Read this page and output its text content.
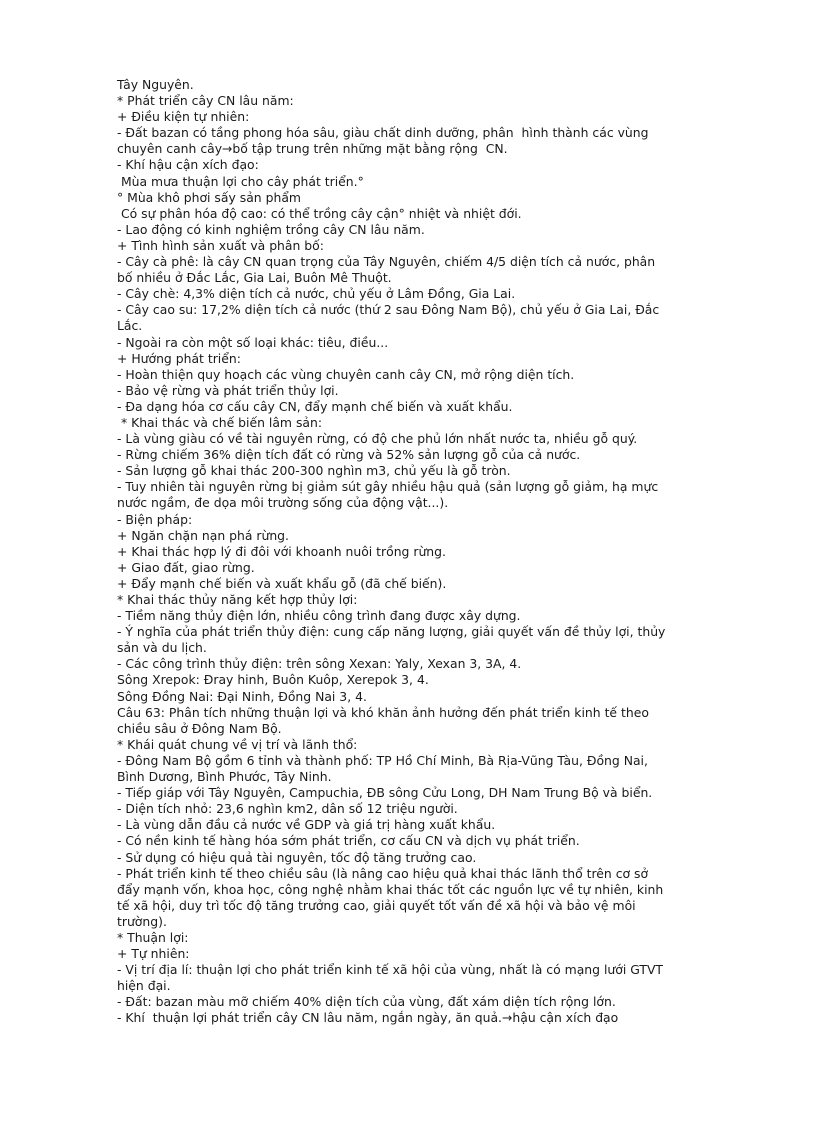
Tây Nguyên.
* Phát triển cây CN lâu năm:
+ Điều kiện tự nhiên:
- Đất bazan có tầng phong hóa sâu, giàu chất dinh dưỡng, phân  hình thành các vùng
chuyên canh cây→bố tập trung trên những mặt bằng rộng  CN.
- Khí hậu cận xích đạo:
Mùa mưa thuận lợi cho cây phát triển.°
° Mùa khô phơi sấy sản phẩm
Có sự phân hóa độ cao: có thể trồng cây cận° nhiệt và nhiệt đới.
- Lao động có kinh nghiệm trồng cây CN lâu năm.
+ Tình hình sản xuất và phân bố:
- Cây cà phê: là cây CN quan trọng của Tây Nguyên, chiếm 4/5 diện tích cả nước, phân
bố nhiều ở Đắc Lắc, Gia Lai, Buôn Mê Thuột.
- Cây chè: 4,3% diện tích cả nước, chủ yếu ở Lâm Đồng, Gia Lai.
- Cây cao su: 17,2% diện tích cả nước (thứ 2 sau Đông Nam Bộ), chủ yếu ở Gia Lai, Đắc
Lắc.
- Ngoài ra còn một số loại khác: tiêu, điều...
+ Hướng phát triển:
- Hoàn thiện quy hoạch các vùng chuyên canh cây CN, mở rộng diện tích.
- Bảo vệ rừng và phát triển thủy lợi.
- Đa dạng hóa cơ cấu cây CN, đẩy mạnh chế biến và xuất khẩu.
* Khai thác và chế biến lâm sản:
- Là vùng giàu có về tài nguyên rừng, có độ che phủ lớn nhất nước ta, nhiều gỗ quý.
- Rừng chiếm 36% diện tích đất có rừng và 52% sản lượng gỗ của cả nước.
- Sản lượng gỗ khai thác 200-300 nghìn m3, chủ yếu là gỗ tròn.
- Tuy nhiên tài nguyên rừng bị giảm sút gây nhiều hậu quả (sản lượng gỗ giảm, hạ mực
nước ngầm, đe dọa môi trường sống của động vật...).
- Biện pháp:
+ Ngăn chặn nạn phá rừng.
+ Khai thác hợp lý đi đôi với khoanh nuôi trồng rừng.
+ Giao đất, giao rừng.
+ Đẩy mạnh chế biến và xuất khẩu gỗ (đã chế biến).
* Khai thác thủy năng kết hợp thủy lợi:
- Tiềm năng thủy điện lớn, nhiều công trình đang được xây dựng.
- Ý nghĩa của phát triển thủy điện: cung cấp năng lượng, giải quyết vấn đề thủy lợi, thủy
sản và du lịch.
- Các công trình thủy điện: trên sông Xexan: Yaly, Xexan 3, 3A, 4.
Sông Xrepok: Đray hinh, Buôn Kuôp, Xerepok 3, 4.
Sông Đồng Nai: Đại Ninh, Đồng Nai 3, 4.
Câu 63: Phân tích những thuận lợi và khó khăn ảnh hưởng đến phát triển kinh tế theo
chiều sâu ở Đông Nam Bộ.
* Khái quát chung về vị trí và lãnh thổ:
- Đông Nam Bộ gồm 6 tỉnh và thành phố: TP Hồ Chí Minh, Bà Rịa-Vũng Tàu, Đồng Nai,
Bình Dương, Bình Phước, Tây Ninh.
- Tiếp giáp với Tây Nguyên, Campuchia, ĐB sông Cửu Long, DH Nam Trung Bộ và biển.
- Diện tích nhỏ: 23,6 nghìn km2, dân số 12 triệu người.
- Là vùng dẫn đầu cả nước về GDP và giá trị hàng xuất khẩu.
- Có nền kinh tế hàng hóa sớm phát triển, cơ cấu CN và dịch vụ phát triển.
- Sử dụng có hiệu quả tài nguyên, tốc độ tăng trưởng cao.
- Phát triển kinh tế theo chiều sâu (là nâng cao hiệu quả khai thác lãnh thổ trên cơ sở
đẩy mạnh vốn, khoa học, công nghệ nhằm khai thác tốt các nguồn lực về tự nhiên, kinh
tế xã hội, duy trì tốc độ tăng trưởng cao, giải quyết tốt vấn đề xã hội và bảo vệ môi
trường).
* Thuận lợi:
+ Tự nhiên:
- Vị trí địa lí: thuận lợi cho phát triển kinh tế xã hội của vùng, nhất là có mạng lưới GTVT
hiện đại.
- Đất: bazan màu mỡ chiếm 40% diện tích của vùng, đất xám diện tích rộng lớn.
- Khí  thuận lợi phát triển cây CN lâu năm, ngắn ngày, ăn quả.→hậu cận xích đạo
